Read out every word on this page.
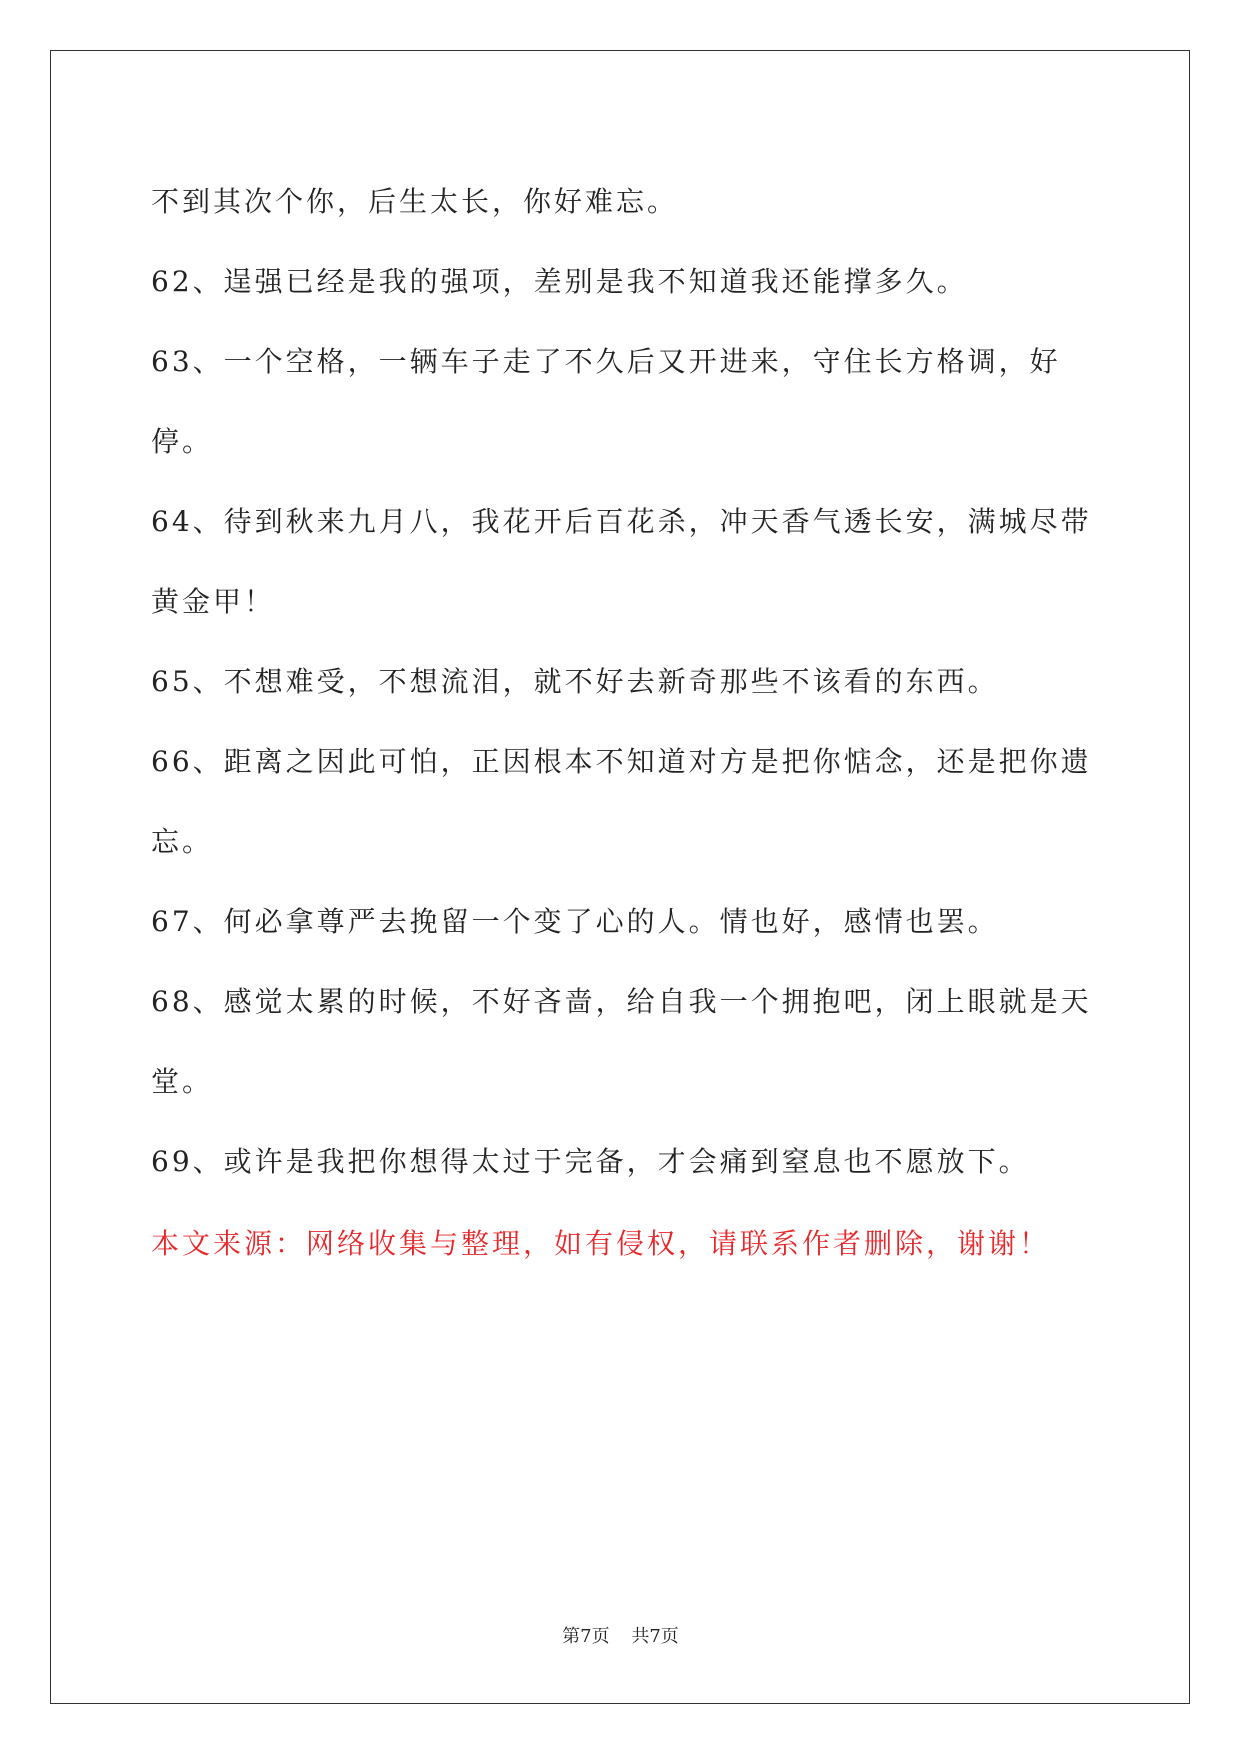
不到其次个你，后生太长，你好难忘。

62、逞强已经是我的强项，差别是我不知道我还能撑多久。

63、一个空格，一辆车子走了不久后又开进来，守住长方格调，好停。

64、待到秋来九月八，我花开后百花杀，冲天香气透长安，满城尽带黄金甲！

65、不想难受，不想流泪，就不好去新奇那些不该看的东西。

66、距离之因此可怕，正因根本不知道对方是把你惦念，还是把你遗忘。

67、何必拿尊严去挽留一个变了心的人。情也好，感情也罢。

68、感觉太累的时候，不好吝啬，给自我一个拥抱吧，闭上眼就是天堂。

69、或许是我把你想得太过于完备，才会痛到窒息也不愿放下。

本文来源：网络收集与整理，如有侵权，请联系作者删除，谢谢！

第7页 共7页
